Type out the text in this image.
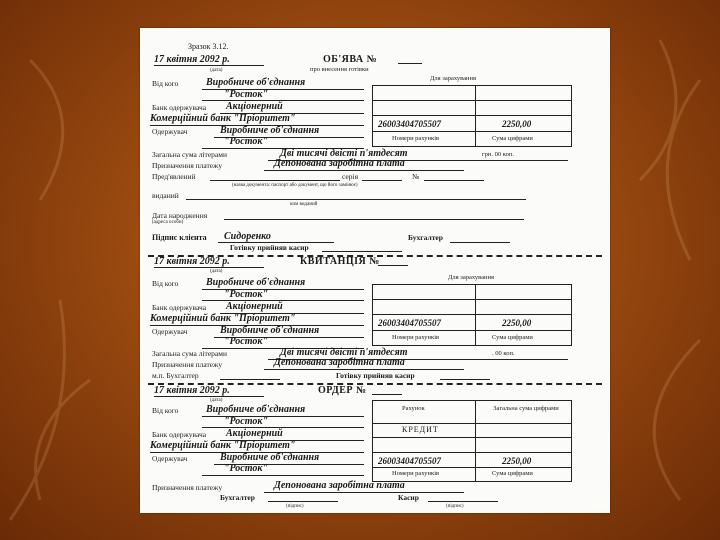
Зразок 3.12.
17 квітня 2092 р.
(дата)
ОБ'ЯВА №
про внесення готівки
Від кого	Виробниче об'єднання
"Росток"
Для зарахування
Банк одержувача Акціонерний
Комерційний банк "Пріоритет"
Одержувач	Виробниче об'єднання
"Росток"
26003404705507	2250,00
Номери рахунків	Сума цифрами
Загальна сума літерами	Дві тисячі двісті п'ятдесят	грн. 00 коп.
Призначення платежу	Депонована заробітна плата
Пред'явлений	серія	№
(назва документа: паспорт або документ, що його замінює)
виданий
ким виданий
Дата народження
(адреса особи)
Підпис клієнта Сидоренко	Бухгалтер
Готівку прийняв касир
17 квітня 2092 р.
(дата)
КВИТАНЦІЯ №
Від кого	Виробниче об'єднання
"Росток"
Для зарахування
Банк одержувача Акціонерний
Комерційний банк "Пріоритет"
Одержувач	Виробниче об'єднання
"Росток"
26003404705507	2250,00
Номери рахунків	Сума цифрами
Загальна сума літерами	Дві тисячі двісті п'ятдесят	. 00 коп.
Призначення платежу	Депонована заробітна плата
м.п. Бухгалтер	Готівку прийняв касир
17 квітня 2092 р.
(дата)
ОРДЕР №
Від кого	Виробниче об'єднання
"Росток"
Рахунок	Загальна сума цифрами
КРЕДИТ
Банк одержувача Акціонерний
Комерційний банк "Пріоритет"
Одержувач	Виробниче об'єднання
"Росток"
26003404705507	2250,00
Номери рахунків	Сума цифрами
Призначення платежу	Депонована заробітна плата
Бухгалтер
(підпис)
Касир
(підпис)
